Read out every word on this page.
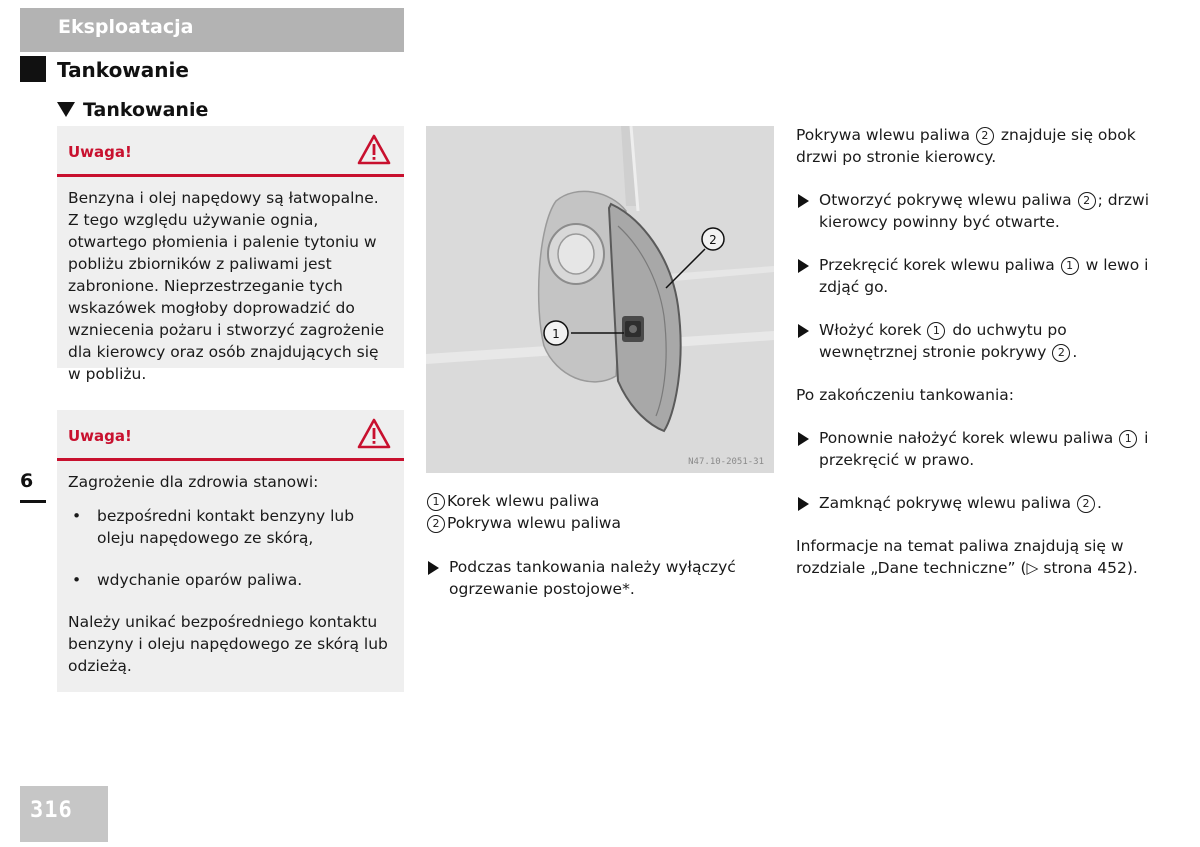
Eksploatacja
Tankowanie
Tankowanie
Uwaga!

Benzyna i olej napędowy są łatwopalne. Z tego względu używanie ognia, otwartego płomienia i palenie tytoniu w pobliżu zbiorników z paliwami jest zabronione. Nieprzestrzeganie tych wskazówek mogłoby doprowadzić do wzniecenia pożaru i stworzyć zagrożenie dla kierowcy oraz osób znajdujących się w pobliżu.

Uwaga!

Zagrożenie dla zdrowia stanowi:

• bezpośredni kontakt benzyny lub oleju napędowego ze skórą,
• wdychanie oparów paliwa.

Należy unikać bezpośredniego kontaktu benzyny i oleju napędowego ze skórą lub odzieżą.

6
316
1
2
N47.10-2051-31
1 Korek wlewu paliwa
2 Pokrywa wlewu paliwa
Podczas tankowania należy wyłączyć ogrzewanie postojowe*.

Pokrywa wlewu paliwa 2 znajduje się obok drzwi po stronie kierowcy.

Otworzyć pokrywę wlewu paliwa 2 ; drzwi kierowcy powinny być otwarte.
Przekręcić korek wlewu paliwa 1 w lewo i zdjąć go.
Włożyć korek 1 do uchwytu po wewnętrznej stronie pokrywy 2 .

Po zakończeniu tankowania:

Ponownie nałożyć korek wlewu paliwa 1 i przekręcić w prawo.
Zamknąć pokrywę wlewu paliwa 2 .

Informacje na temat paliwa znajdują się w rozdziale „Dane techniczne” (▷ strona 452).
